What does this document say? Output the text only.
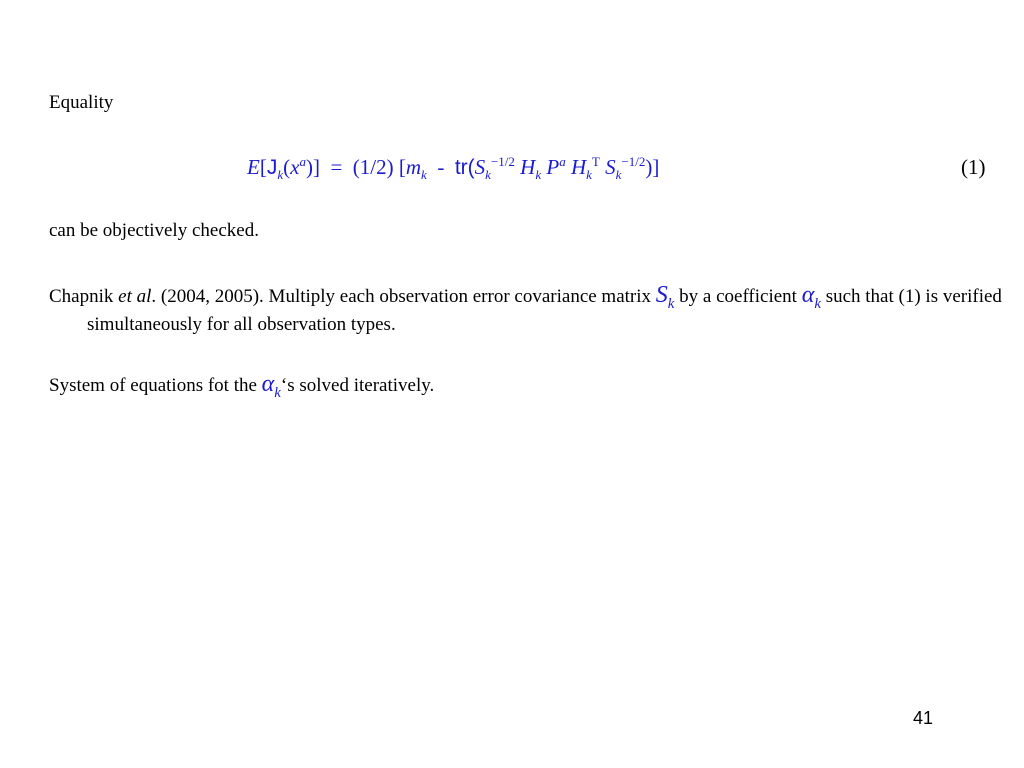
Equality
$E[J_k(x^a)] = (1/2)$ [$m_k - tr(S_k^{-1/2}$ $H_k$ $P^a$ $H_k^T$ $S_k^{-1/2}$)]	(1)
can be objectively checked.
Chapnik et al. (2004, 2005). Multiply each observation error covariance matrix $S_k$ by a coefficient $\alpha_k$ such that (1) is verified simultaneously for all observation types.
System of equations fot the $\alpha_k‘s$ solved iteratively.
41
